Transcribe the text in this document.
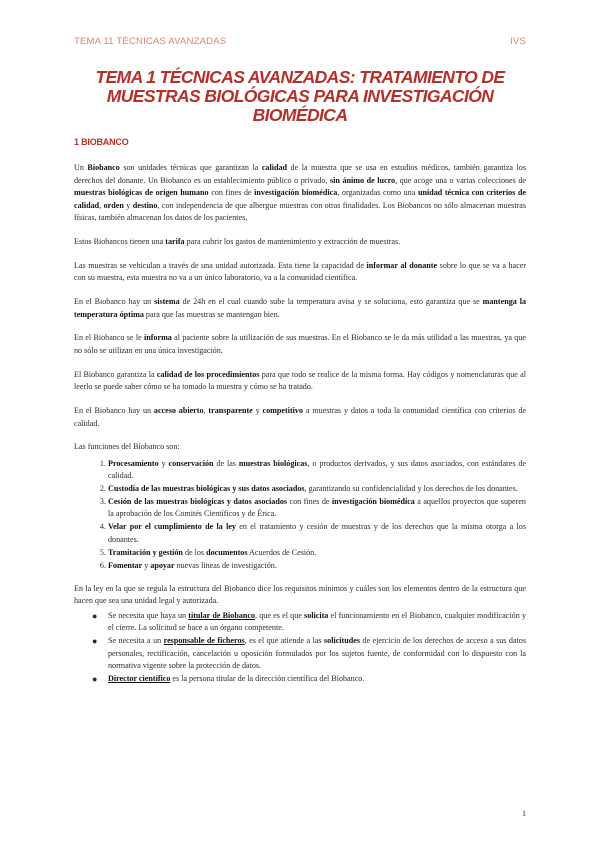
TEMA 11 TÉCNICAS AVANZADAS	IVS
TEMA 1 TÉCNICAS AVANZADAS: TRATAMIENTO DE MUESTRAS BIOLÓGICAS PARA INVESTIGACIÓN BIOMÉDICA
1 BIOBANCO

Un Biobanco son unidades técnicas que garantizan la calidad de la muestra que se usa en estudios médicos, también garantiza los derechos del donante. Un Biobanco es un establecimiento público o privado, sin ánimo de lucro, que acoge una o varias colecciones de muestras biológicas de origen humano con fines de investigación biomédica, organizadas como una unidad técnica con criterios de calidad, orden y destino, con independencia de que albergue muestras con otras finalidades. Los Biobancos no sólo almacenan muestras físicas, también almacenan los datos de los pacientes,

Estos Biobancos tienen una tarifa para cubrir los gastos de mantenimiento y extracción de muestras.

Las muestras se vehiculan a través de una unidad autorizada. Esta tiene la capacidad de informar al donante sobre lo que se va a hacer con su muestra, esta muestra no va a un único laboratorio, va a la comunidad científica.

En el Biobanco hay un sistema de 24h en el cual cuando sube la temperatura avisa y se soluciona, esto garantiza que se mantenga la temperatura óptima para que las muestras se mantengan bien.

En el Biobanco se le informa al paciente sobre la utilización de sus muestras. En el Biobanco se le da más utilidad a las muestras, ya que no sólo se utilizan en una única investigación.

El Biobanco garantiza la calidad de los procedimientos para que todo se realice de la misma forma. Hay códigos y nomenclaturas que al leerlo se puede saber cómo se ha tomado la muestra y cómo se ha tratado.

En el Biobanco hay un acceso abierto, transparente y competitivo a muestras y datos a toda la comunidad científica con criterios de calidad.

Las funciones del Biobanco son:
1. Procesamiento y conservación de las muestras biológicas, o productos derivados, y sus datos asociados, con estándares de calidad.
2. Custodia de las muestras biológicas y sus datos asociados, garantizando su confidencialidad y los derechos de los donantes.
3. Cesión de las muestras biológicas y datos asociados con fines de investigación biomédica a aquellos proyectos que superen la aprobación de los Comités Científicos y de Érica.
4. Velar por el cumplimiento de la ley en el tratamiento y cesión de muestras y de los derechos que la misma otorga a los donantes.
5. Tramitación y gestión de los documentos Acuerdos de Cesión.
6. Fomentar y apoyar nuevas líneas de investigación.
En la ley en la que se regula la estructura del Biobanco dice los requisitos mínimos y cuáles son los elementos dentro de la estructura que hacen que sea una unidad legal y autorizada.
● Se necesita que haya un titular de Biobanco, que es el que solicita el funcionamiento en el Biobanco, cualquier modificación y el cierre. La solicitud se hace a un órgano competente.
● Se necesita a un responsable de ficheros, es el que atiende a las solicitudes de ejercicio de los derechos de acceso a sus datos personales, rectificación, cancelación u oposición formulados por los sujetos fuente, de conformidad con lo dispuesto con la normativa vigente sobre la protección de datos.
● Director científico es la persona titular de la dirección científica del Biobanco.
1
